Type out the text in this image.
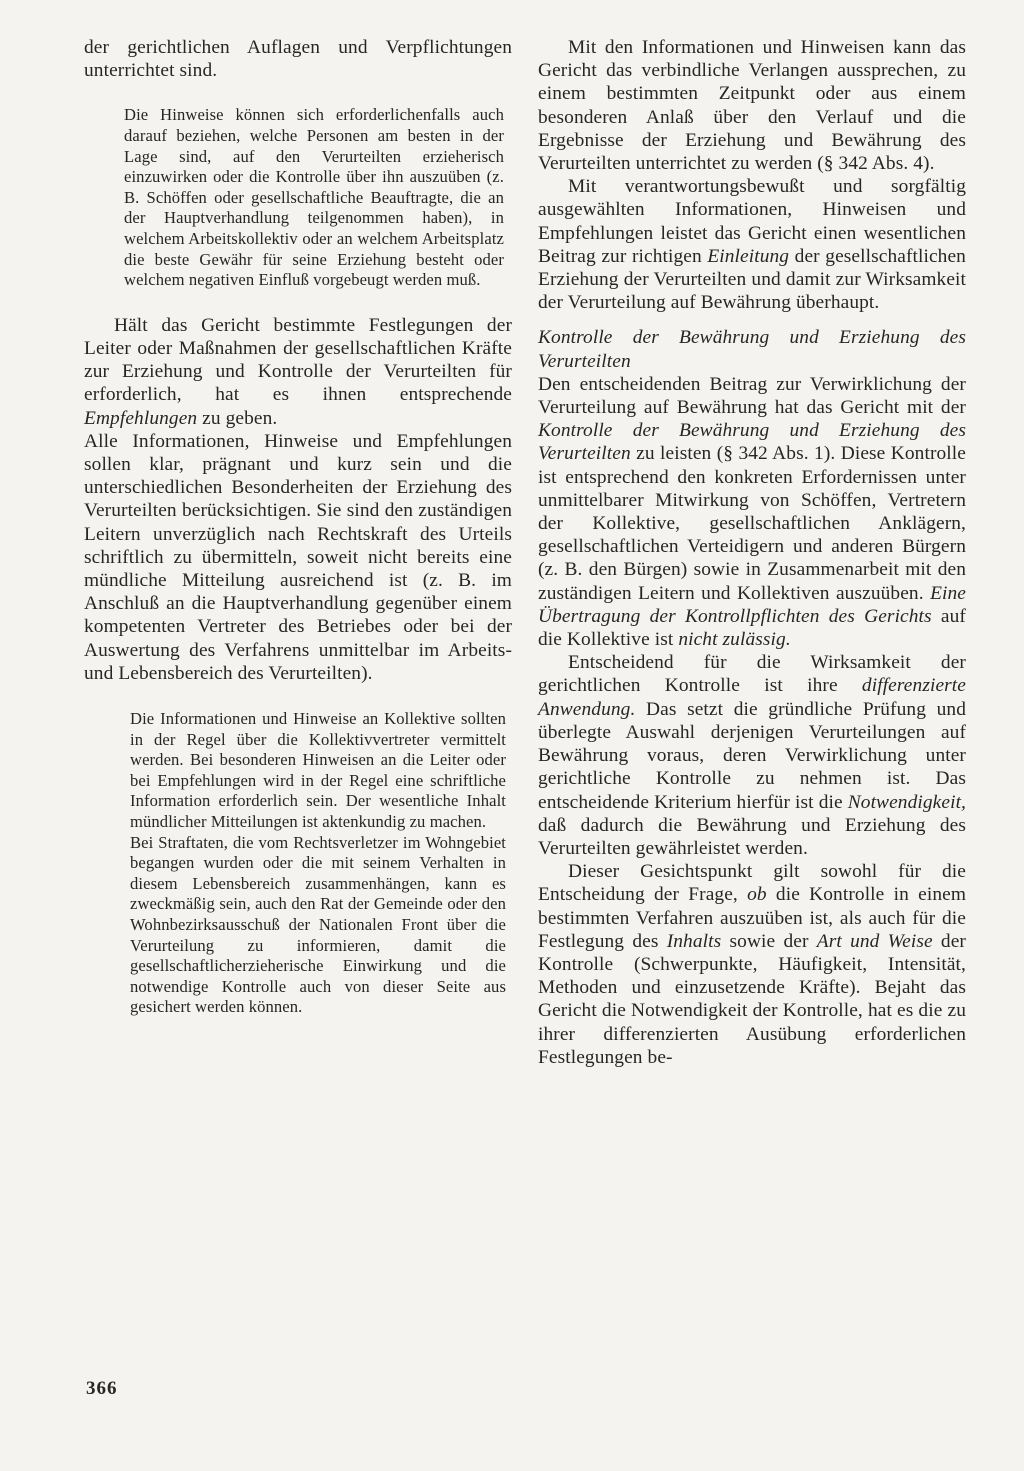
der gerichtlichen Auflagen und Verpflichtungen unterrichtet sind.

Die Hinweise können sich erforderlichenfalls auch darauf beziehen, welche Personen am besten in der Lage sind, auf den Verurteilten erzieherisch einzuwirken oder die Kontrolle über ihn auszuüben (z. B. Schöffen oder gesellschaftliche Beauftragte, die an der Hauptverhandlung teilgenommen haben), in welchem Arbeitskollektiv oder an welchem Arbeitsplatz die beste Gewähr für seine Erziehung besteht oder welchem negativen Einfluß vorgebeugt werden muß.

Hält das Gericht bestimmte Festlegungen der Leiter oder Maßnahmen der gesellschaftlichen Kräfte zur Erziehung und Kontrolle der Verurteilten für erforderlich, hat es ihnen entsprechende Empfehlungen zu geben.

Alle Informationen, Hinweise und Empfehlungen sollen klar, prägnant und kurz sein und die unterschiedlichen Besonderheiten der Erziehung des Verurteilten berücksichtigen. Sie sind den zuständigen Leitern unverzüglich nach Rechtskraft des Urteils schriftlich zu übermitteln, soweit nicht bereits eine mündliche Mitteilung ausreichend ist (z. B. im Anschluß an die Hauptverhandlung gegenüber einem kompetenten Vertreter des Betriebes oder bei der Auswertung des Verfahrens unmittelbar im Arbeits- und Lebensbereich des Verurteilten).

Die Informationen und Hinweise an Kollektive sollten in der Regel über die Kollektivvertreter vermittelt werden. Bei besonderen Hinweisen an die Leiter oder bei Empfehlungen wird in der Regel eine schriftliche Information erforderlich sein. Der wesentliche Inhalt mündlicher Mitteilungen ist aktenkundig zu machen.

Bei Straftaten, die vom Rechtsverletzer im Wohngebiet begangen wurden oder die mit seinem Verhalten in diesem Lebensbereich zusammenhängen, kann es zweckmäßig sein, auch den Rat der Gemeinde oder den Wohnbezirksausschuß der Nationalen Front über die Verurteilung zu informieren, damit die gesellschaftlicherzieherische Einwirkung und die notwendige Kontrolle auch von dieser Seite aus gesichert werden können.

Mit den Informationen und Hinweisen kann das Gericht das verbindliche Verlangen aussprechen, zu einem bestimmten Zeitpunkt oder aus einem besonderen Anlaß über den Verlauf und die Ergebnisse der Erziehung und Bewährung des Verurteilten unterrichtet zu werden (§ 342 Abs. 4).

Mit verantwortungsbewußt und sorgfältig ausgewählten Informationen, Hinweisen und Empfehlungen leistet das Gericht einen wesentlichen Beitrag zur richtigen Einleitung der gesellschaftlichen Erziehung der Verurteilten und damit zur Wirksamkeit der Verurteilung auf Bewährung überhaupt.

Kontrolle der Bewährung und Erziehung des Verurteilten

Den entscheidenden Beitrag zur Verwirklichung der Verurteilung auf Bewährung hat das Gericht mit der Kontrolle der Bewährung und Erziehung des Verurteilten zu leisten (§ 342 Abs. 1). Diese Kontrolle ist entsprechend den konkreten Erfordernissen unter unmittelbarer Mitwirkung von Schöffen, Vertretern der Kollektive, gesellschaftlichen Anklägern, gesellschaftlichen Verteidigern und anderen Bürgern (z. B. den Bürgen) sowie in Zusammenarbeit mit den zuständigen Leitern und Kollektiven auszuüben. Eine Übertragung der Kontrollpflichten des Gerichts auf die Kollektive ist nicht zulässig.

Entscheidend für die Wirksamkeit der gerichtlichen Kontrolle ist ihre differenzierte Anwendung. Das setzt die gründliche Prüfung und überlegte Auswahl derjenigen Verurteilungen auf Bewährung voraus, deren Verwirklichung unter gerichtliche Kontrolle zu nehmen ist. Das entscheidende Kriterium hierfür ist die Notwendigkeit, daß dadurch die Bewährung und Erziehung des Verurteilten gewährleistet werden.

Dieser Gesichtspunkt gilt sowohl für die Entscheidung der Frage, ob die Kontrolle in einem bestimmten Verfahren auszuüben ist, als auch für die Festlegung des Inhalts sowie der Art und Weise der Kontrolle (Schwerpunkte, Häufigkeit, Intensität, Methoden und einzusetzende Kräfte). Bejaht das Gericht die Notwendigkeit der Kontrolle, hat es die zu ihrer differenzierten Ausübung erforderlichen Festlegungen be-

366
